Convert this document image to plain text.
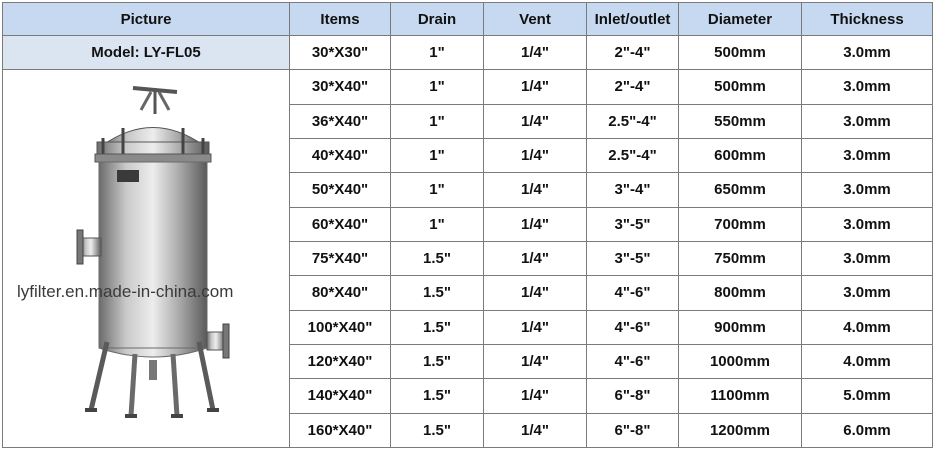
Picture	Items	Drain	Vent	Inlet/outlet	Diameter	Thickness
Model: LY-FL05	30*X30"	1"	1/4"	2"-4"	500mm	3.0mm

lyfilter.en.made-in-china.com	30*X40"	1"	1/4"	2"-4"	500mm	3.0mm
	36*X40"	1"	1/4"	2.5"-4"	550mm	3.0mm
	40*X40"	1"	1/4"	2.5"-4"	600mm	3.0mm
	50*X40"	1"	1/4"	3"-4"	650mm	3.0mm
	60*X40"	1"	1/4"	3"-5"	700mm	3.0mm
	75*X40"	1.5"	1/4"	3"-5"	750mm	3.0mm
	80*X40"	1.5"	1/4"	4"-6"	800mm	3.0mm
	100*X40"	1.5"	1/4"	4"-6"	900mm	4.0mm
	120*X40"	1.5"	1/4"	4"-6"	1000mm	4.0mm
	140*X40"	1.5"	1/4"	6"-8"	1100mm	5.0mm
	160*X40"	1.5"	1/4"	6"-8"	1200mm	6.0mm
